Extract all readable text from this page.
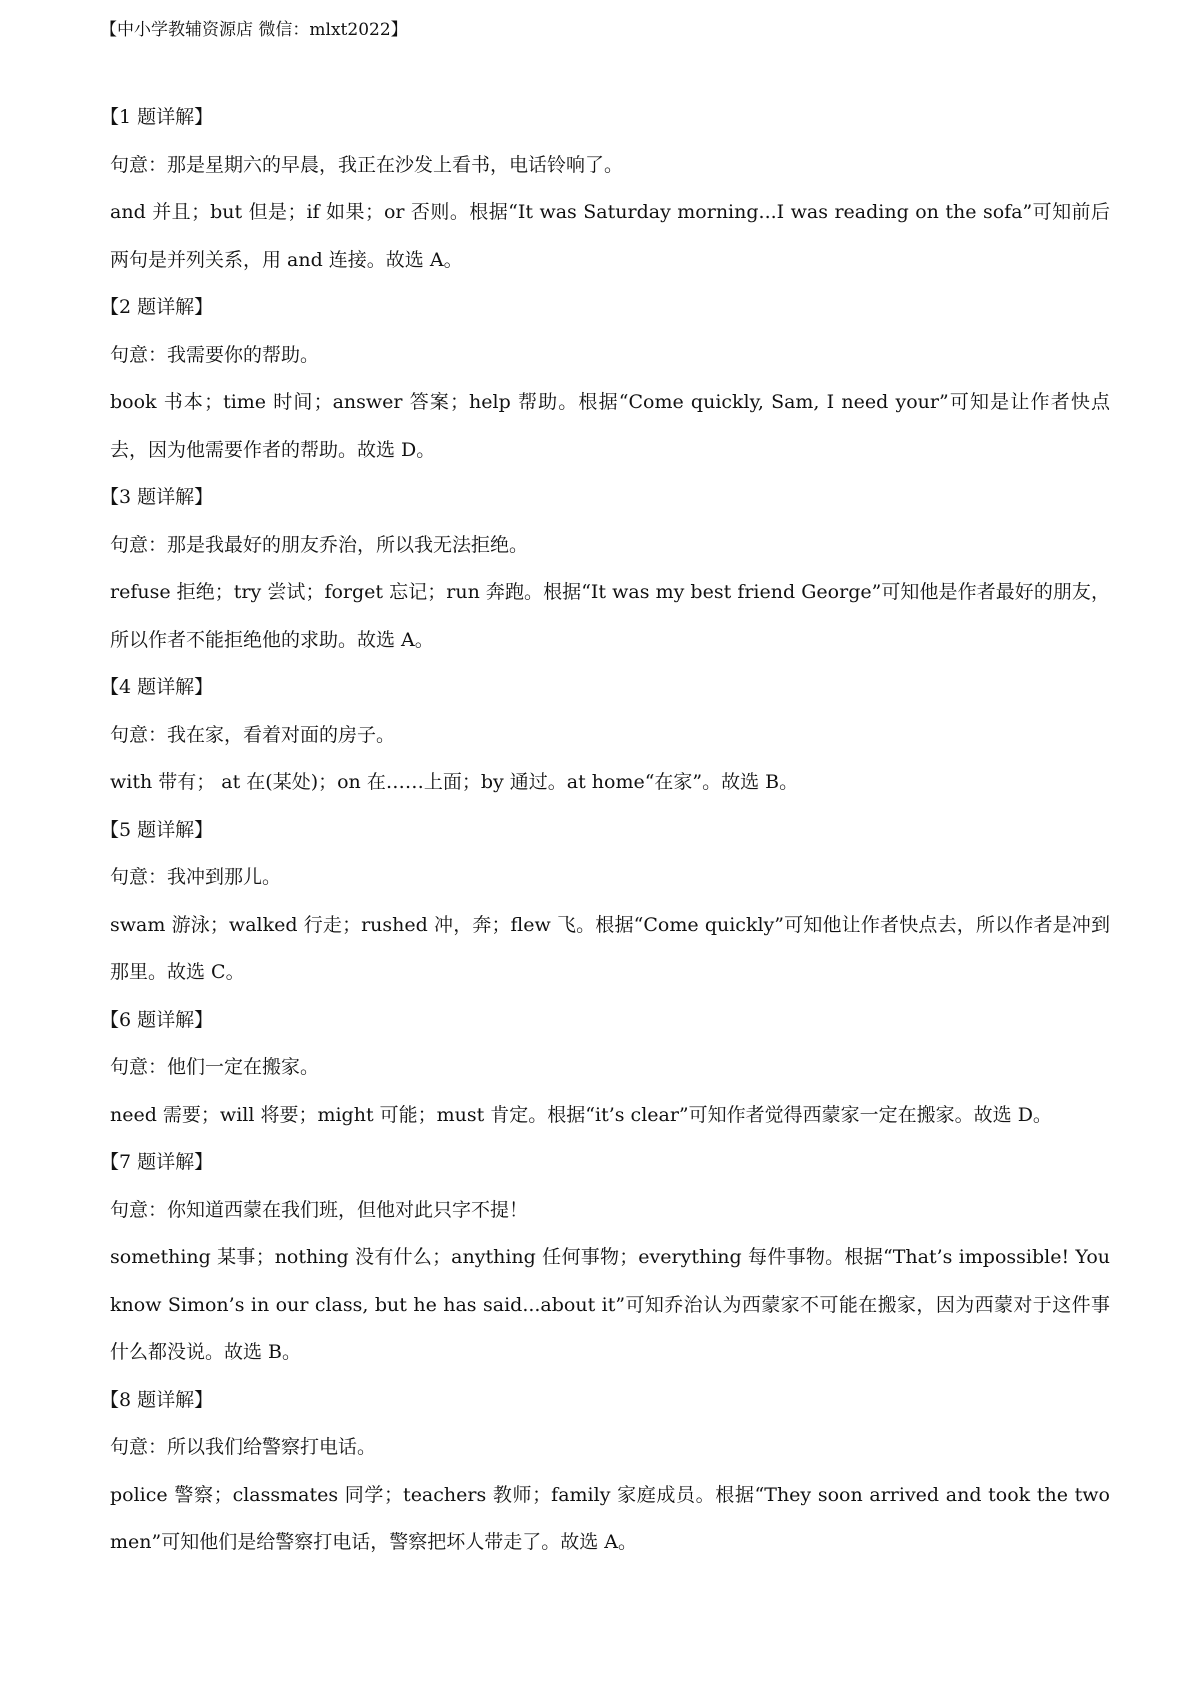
【中小学教辅资源店 微信：mlxt2022】

【1 题详解】

句意：那是星期六的早晨，我正在沙发上看书，电话铃响了。

and 并且；but 但是；if 如果；or 否则。根据“It was Saturday morning...I was reading on the sofa”可知前后两句是并列关系，用 and 连接。故选 A。

【2 题详解】

句意：我需要你的帮助。

book 书本；time 时间；answer 答案；help 帮助。根据“Come quickly, Sam, I need your”可知是让作者快点去，因为他需要作者的帮助。故选 D。

【3 题详解】

句意：那是我最好的朋友乔治，所以我无法拒绝。

refuse 拒绝；try 尝试；forget 忘记；run 奔跑。根据“It was my best friend George”可知他是作者最好的朋友，所以作者不能拒绝他的求助。故选 A。

【4 题详解】

句意：我在家，看着对面的房子。

with 带有； at 在(某处)；on 在……上面；by 通过。at home“在家”。故选 B。

【5 题详解】

句意：我冲到那儿。

swam 游泳；walked 行走；rushed 冲，奔；flew 飞。根据“Come quickly”可知他让作者快点去，所以作者是冲到那里。故选 C。

【6 题详解】

句意：他们一定在搬家。

need 需要；will 将要；might 可能；must 肯定。根据“it’s clear”可知作者觉得西蒙家一定在搬家。故选 D。

【7 题详解】

句意：你知道西蒙在我们班，但他对此只字不提！

something 某事；nothing 没有什么；anything 任何事物；everything 每件事物。根据“That’s impossible! You know Simon’s in our class, but he has said...about it”可知乔治认为西蒙家不可能在搬家，因为西蒙对于这件事什么都没说。故选 B。

【8 题详解】

句意：所以我们给警察打电话。

police 警察；classmates 同学；teachers 教师；family 家庭成员。根据“They soon arrived and took the two men”可知他们是给警察打电话，警察把坏人带走了。故选 A。
